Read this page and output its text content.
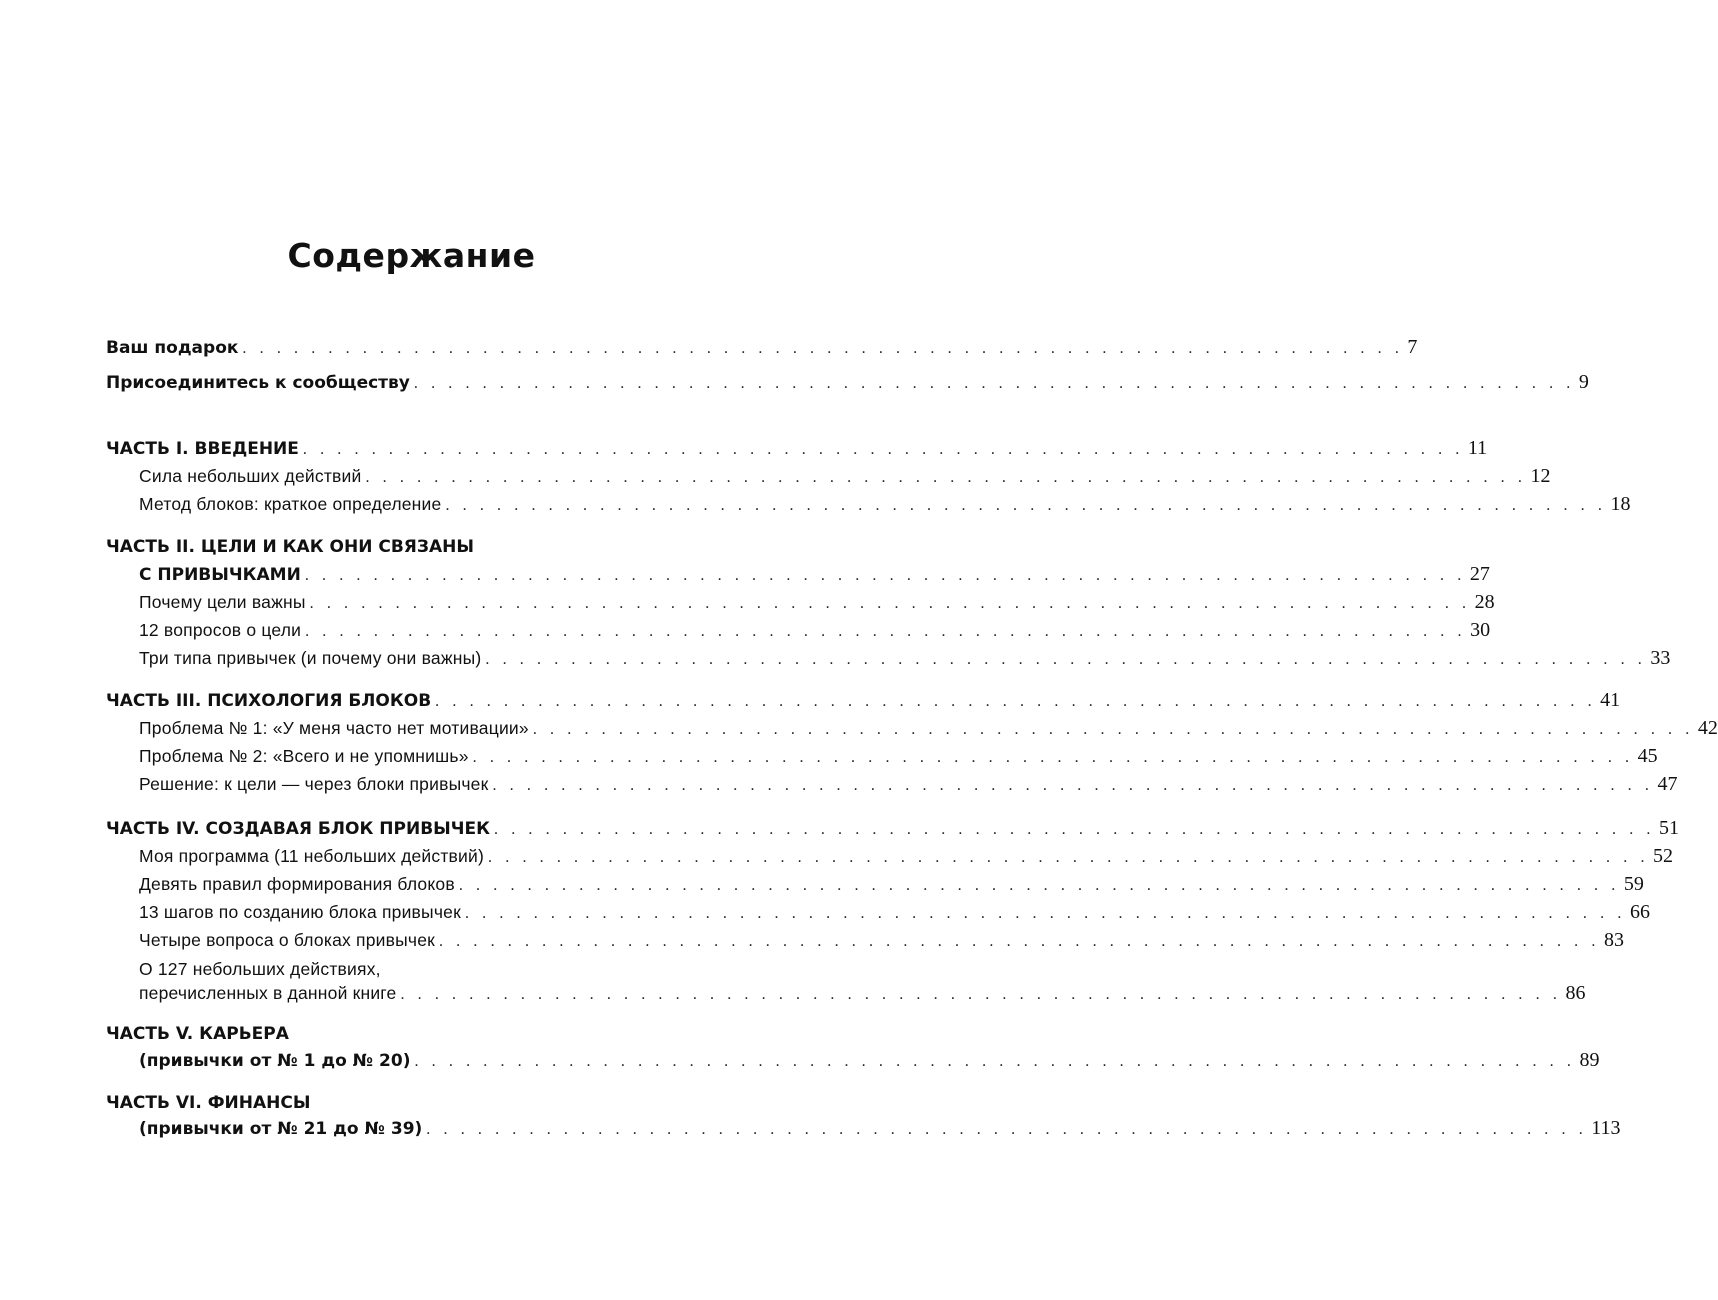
Содержание
Ваш подарок . . . . . . . . . . . . . . . . . . . . . . . . . . . . . . . . . . . . . . . . . . . . . . . . . . . . . . . . . . . . . . . . . . . . 7
Присоединитесь к сообществу . . . . . . . . . . . . . . . . . . . . . . . . . . . . . . . . . . . . . . . . . . . . . . . . . . . . . . . . . . . . . . . . . . . . 9
ЧАСТЬ I. ВВЕДЕНИЕ . . . . . . . . . . . . . . . . . . . . . . . . . . . . . . . . . . . . . . . . . . . . . . . . . . . . . . . . . . . . . . . . . . . . 11
Сила небольших действий . . . . . . . . . . . . . . . . . . . . . . . . . . . . . . . . . . . . . . . . . . . . . . . . . . . . . . . . . . . . . . . . . . . . 12
Метод блоков: краткое определение . . . . . . . . . . . . . . . . . . . . . . . . . . . . . . . . . . . . . . . . . . . . . . . . . . . . . . . . . . . . . . . . . . . . 18
ЧАСТЬ II. ЦЕЛИ И КАК ОНИ СВЯЗАНЫ
С ПРИВЫЧКАМИ . . . . . . . . . . . . . . . . . . . . . . . . . . . . . . . . . . . . . . . . . . . . . . . . . . . . . . . . . . . . . . . . . . . . 27
Почему цели важны . . . . . . . . . . . . . . . . . . . . . . . . . . . . . . . . . . . . . . . . . . . . . . . . . . . . . . . . . . . . . . . . . . . . 28
12 вопросов о цели . . . . . . . . . . . . . . . . . . . . . . . . . . . . . . . . . . . . . . . . . . . . . . . . . . . . . . . . . . . . . . . . . . . . 30
Три типа привычек (и почему они важны) . . . . . . . . . . . . . . . . . . . . . . . . . . . . . . . . . . . . . . . . . . . . . . . . . . . . . . . . . . . . . . . . . . . . 33
ЧАСТЬ III. ПСИХОЛОГИЯ БЛОКОВ . . . . . . . . . . . . . . . . . . . . . . . . . . . . . . . . . . . . . . . . . . . . . . . . . . . . . . . . . . . . . . . . . . . . 41
Проблема № 1: «У меня часто нет мотивации» . . . . . . . . . . . . . . . . . . . . . . . . . . . . . . . . . . . . . . . . . . . . . . . . . . . . . . . . . . . . . . . . . . . . 42
Проблема № 2: «Всего и не упомнишь» . . . . . . . . . . . . . . . . . . . . . . . . . . . . . . . . . . . . . . . . . . . . . . . . . . . . . . . . . . . . . . . . . . . . 45
Решение: к цели — через блоки привычек . . . . . . . . . . . . . . . . . . . . . . . . . . . . . . . . . . . . . . . . . . . . . . . . . . . . . . . . . . . . . . . . . . . . 47
ЧАСТЬ IV. СОЗДАВАЯ БЛОК ПРИВЫЧЕК . . . . . . . . . . . . . . . . . . . . . . . . . . . . . . . . . . . . . . . . . . . . . . . . . . . . . . . . . . . . . . . . . . . . 51
Моя программа (11 небольших действий) . . . . . . . . . . . . . . . . . . . . . . . . . . . . . . . . . . . . . . . . . . . . . . . . . . . . . . . . . . . . . . . . . . . . 52
Девять правил формирования блоков . . . . . . . . . . . . . . . . . . . . . . . . . . . . . . . . . . . . . . . . . . . . . . . . . . . . . . . . . . . . . . . . . . . . 59
13 шагов по созданию блока привычек . . . . . . . . . . . . . . . . . . . . . . . . . . . . . . . . . . . . . . . . . . . . . . . . . . . . . . . . . . . . . . . . . . . . 66
Четыре вопроса о блоках привычек . . . . . . . . . . . . . . . . . . . . . . . . . . . . . . . . . . . . . . . . . . . . . . . . . . . . . . . . . . . . . . . . . . . . 83
О 127 небольших действиях,
перечисленных в данной книге . . . . . . . . . . . . . . . . . . . . . . . . . . . . . . . . . . . . . . . . . . . . . . . . . . . . . . . . . . . . . . . . . . . . 86
ЧАСТЬ V. КАРЬЕРА
(привычки от № 1 до № 20) . . . . . . . . . . . . . . . . . . . . . . . . . . . . . . . . . . . . . . . . . . . . . . . . . . . . . . . . . . . . . . . . . . . . 89
ЧАСТЬ VI. ФИНАНСЫ
(привычки от № 21 до № 39) . . . . . . . . . . . . . . . . . . . . . . . . . . . . . . . . . . . . . . . . . . . . . . . . . . . . . . . . . . . . . . . . . . . . 113
